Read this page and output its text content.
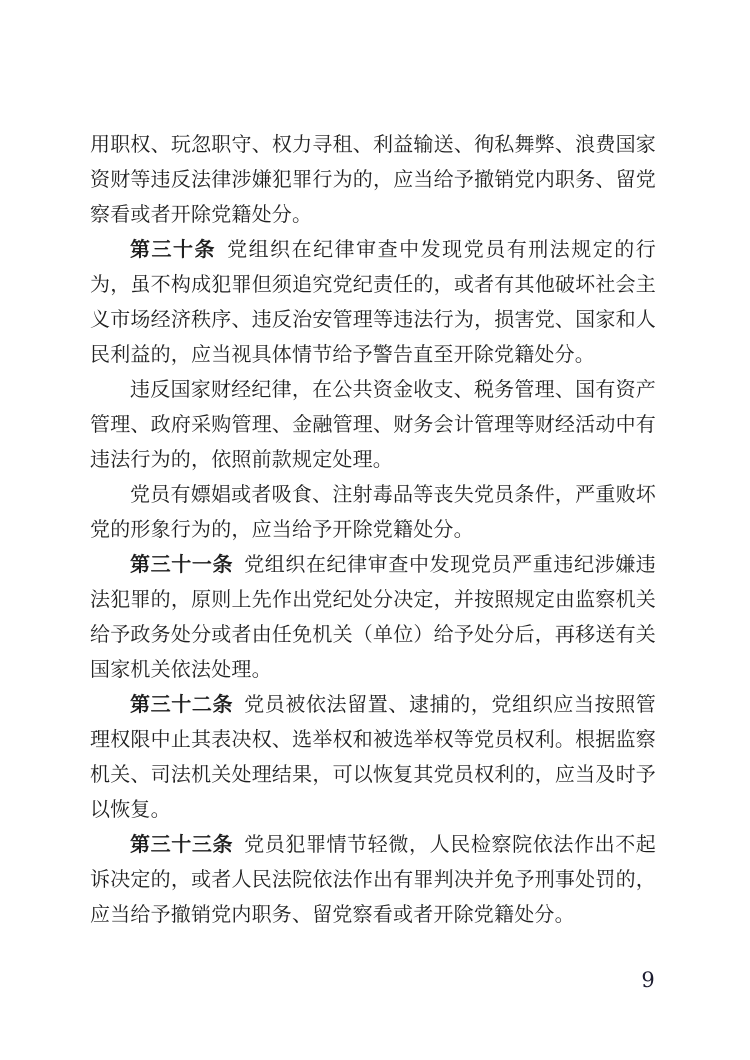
用职权、玩忽职守、权力寻租、利益输送、徇私舞弊、浪费国家资财等违反法律涉嫌犯罪行为的，应当给予撤销党内职务、留党察看或者开除党籍处分。

第三十条 党组织在纪律审查中发现党员有刑法规定的行为，虽不构成犯罪但须追究党纪责任的，或者有其他破坏社会主义市场经济秩序、违反治安管理等违法行为，损害党、国家和人民利益的，应当视具体情节给予警告直至开除党籍处分。

违反国家财经纪律，在公共资金收支、税务管理、国有资产管理、政府采购管理、金融管理、财务会计管理等财经活动中有违法行为的，依照前款规定处理。

党员有嫖娼或者吸食、注射毒品等丧失党员条件，严重败坏党的形象行为的，应当给予开除党籍处分。

第三十一条 党组织在纪律审查中发现党员严重违纪涉嫌违法犯罪的，原则上先作出党纪处分决定，并按照规定由监察机关给予政务处分或者由任免机关（单位）给予处分后，再移送有关国家机关依法处理。

第三十二条 党员被依法留置、逮捕的，党组织应当按照管理权限中止其表决权、选举权和被选举权等党员权利。根据监察机关、司法机关处理结果，可以恢复其党员权利的，应当及时予以恢复。

第三十三条 党员犯罪情节轻微，人民检察院依法作出不起诉决定的，或者人民法院依法作出有罪判决并免予刑事处罚的，应当给予撤销党内职务、留党察看或者开除党籍处分。

9
